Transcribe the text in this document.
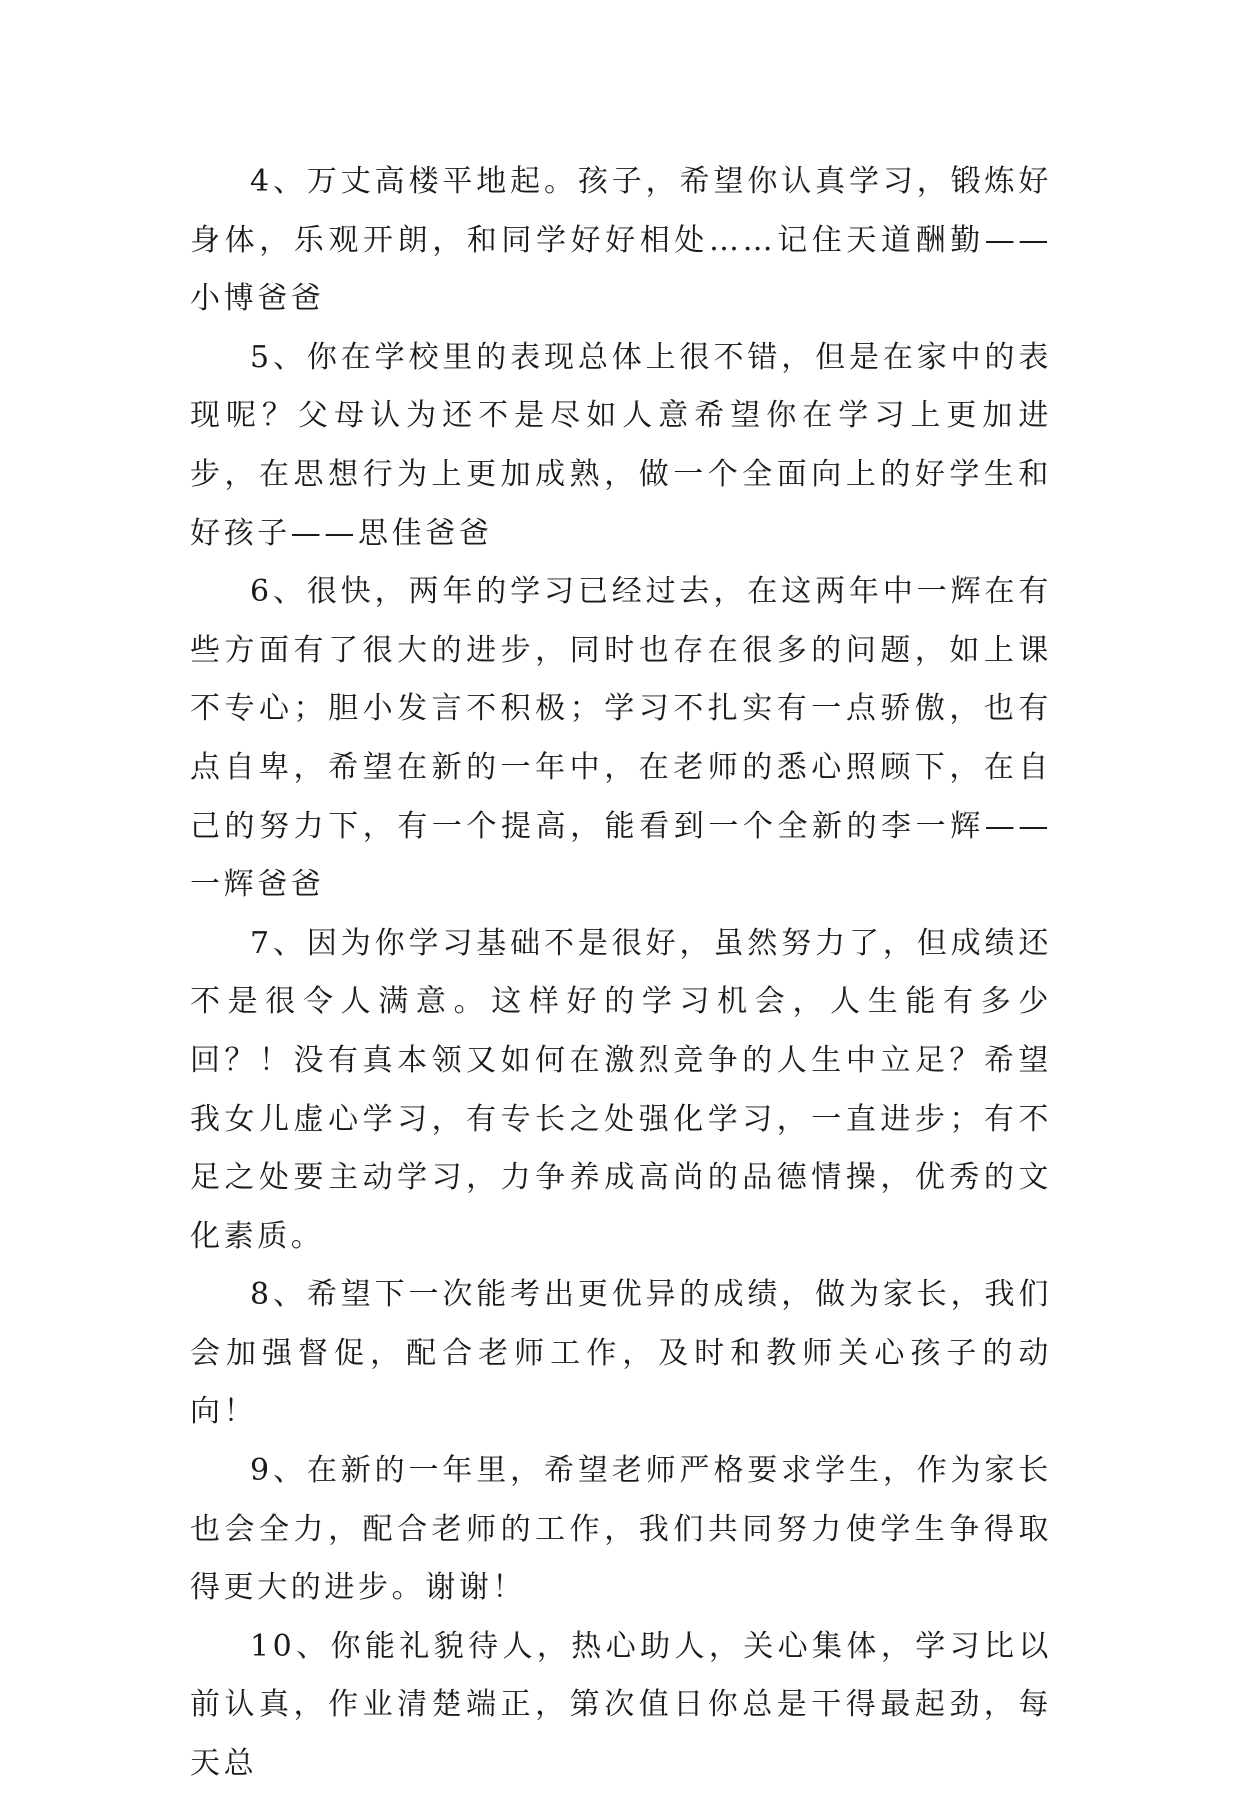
4、万丈高楼平地起。孩子，希望你认真学习，锻炼好身体，乐观开朗，和同学好好相处……记住天道酬勤——小博爸爸

5、你在学校里的表现总体上很不错，但是在家中的表现呢？父母认为还不是尽如人意希望你在学习上更加进步，在思想行为上更加成熟，做一个全面向上的好学生和好孩子——思佳爸爸

6、很快，两年的学习已经过去，在这两年中一辉在有些方面有了很大的进步，同时也存在很多的问题，如上课不专心；胆小发言不积极；学习不扎实有一点骄傲，也有点自卑，希望在新的一年中，在老师的悉心照顾下，在自己的努力下，有一个提高，能看到一个全新的李一辉——一辉爸爸

7、因为你学习基础不是很好，虽然努力了，但成绩还不是很令人满意。这样好的学习机会，人生能有多少回？！没有真本领又如何在激烈竞争的人生中立足？希望我女儿虚心学习，有专长之处强化学习，一直进步；有不足之处要主动学习，力争养成高尚的品德情操，优秀的文化素质。

8、希望下一次能考出更优异的成绩，做为家长，我们会加强督促，配合老师工作，及时和教师关心孩子的动向！

9、在新的一年里，希望老师严格要求学生，作为家长也会全力，配合老师的工作，我们共同努力使学生争得取得更大的进步。谢谢！

10、你能礼貌待人，热心助人，关心集体，学习比以前认真，作业清楚端正，第次值日你总是干得最起劲，每天总
